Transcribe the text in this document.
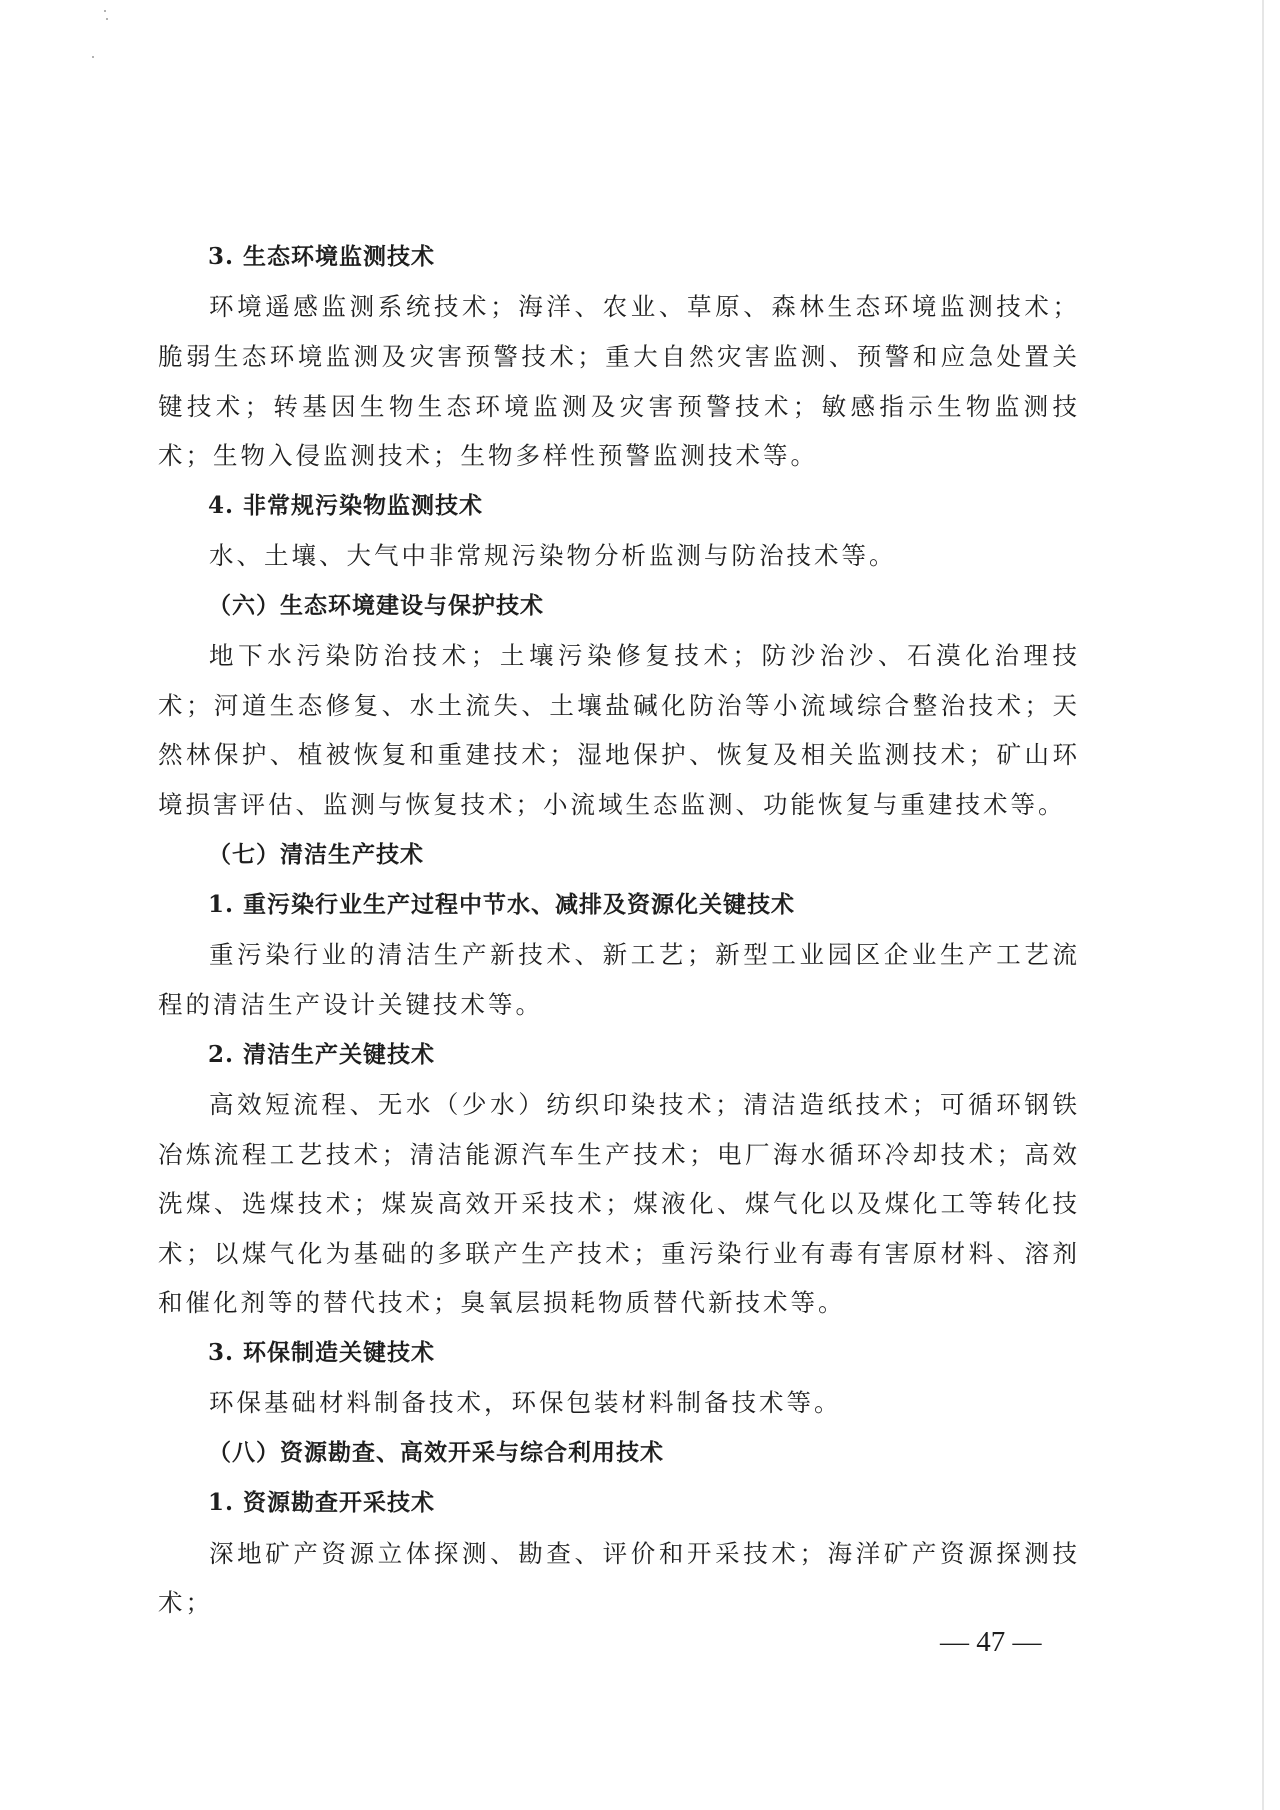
3. 生态环境监测技术
环境遥感监测系统技术；海洋、农业、草原、森林生态环境监测技术；脆弱生态环境监测及灾害预警技术；重大自然灾害监测、预警和应急处置关键技术；转基因生物生态环境监测及灾害预警技术；敏感指示生物监测技术；生物入侵监测技术；生物多样性预警监测技术等。
4. 非常规污染物监测技术
水、土壤、大气中非常规污染物分析监测与防治技术等。
（六）生态环境建设与保护技术
地下水污染防治技术；土壤污染修复技术；防沙治沙、石漠化治理技术；河道生态修复、水土流失、土壤盐碱化防治等小流域综合整治技术；天然林保护、植被恢复和重建技术；湿地保护、恢复及相关监测技术；矿山环境损害评估、监测与恢复技术；小流域生态监测、功能恢复与重建技术等。
（七）清洁生产技术
1. 重污染行业生产过程中节水、减排及资源化关键技术
重污染行业的清洁生产新技术、新工艺；新型工业园区企业生产工艺流程的清洁生产设计关键技术等。
2. 清洁生产关键技术
高效短流程、无水（少水）纺织印染技术；清洁造纸技术；可循环钢铁冶炼流程工艺技术；清洁能源汽车生产技术；电厂海水循环冷却技术；高效洗煤、选煤技术；煤炭高效开采技术；煤液化、煤气化以及煤化工等转化技术；以煤气化为基础的多联产生产技术；重污染行业有毒有害原材料、溶剂和催化剂等的替代技术；臭氧层损耗物质替代新技术等。
3. 环保制造关键技术
环保基础材料制备技术，环保包装材料制备技术等。
（八）资源勘查、高效开采与综合利用技术
1. 资源勘查开采技术
深地矿产资源立体探测、勘查、评价和开采技术；海洋矿产资源探测技术；
— 47 —
